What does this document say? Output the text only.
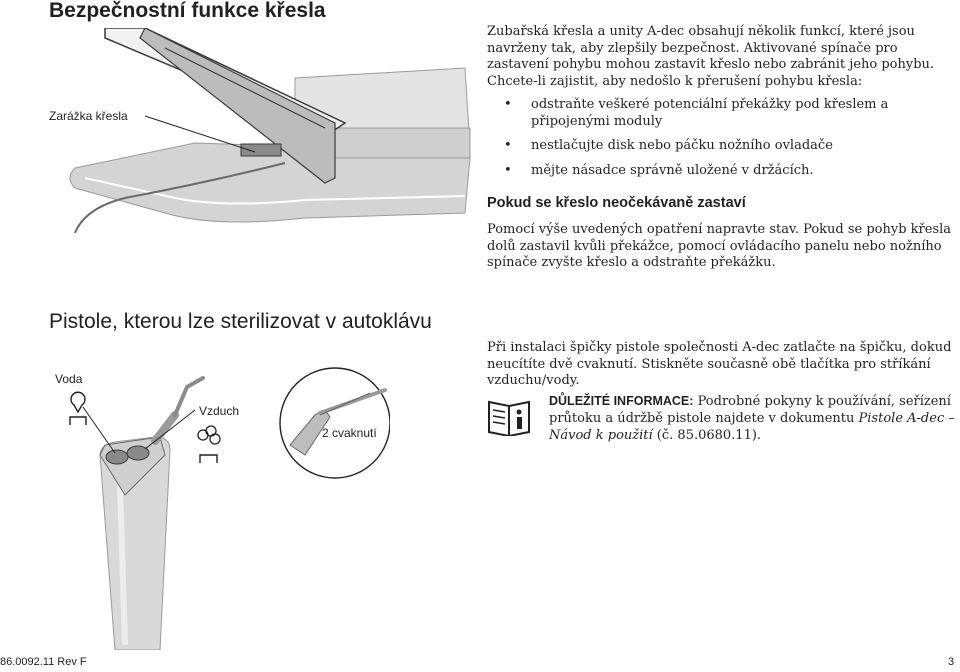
Bezpečnostní funkce křesla
Zarážka křesla
Zubařská křesla a unity A-dec obsahují několik funkcí, které jsou navrženy tak, aby zlepšily bezpečnost. Aktivované spínače pro zastavení pohybu mohou zastavit křeslo nebo zabránit jeho pohybu. Chcete-li zajistit, aby nedošlo k přerušení pohybu křesla:
• odstraňte veškeré potenciální překážky pod křeslem a připojenými moduly
• nestlačujte disk nebo páčku nožního ovladače
• mějte násadce správně uložené v držácích.
Pokud se křeslo neočekávaně zastaví
Pomocí výše uvedených opatření napravte stav. Pokud se pohyb křesla dolů zastavil kvůli překážce, pomocí ovládacího panelu nebo nožního spínače zvyšte křeslo a odstraňte překážku.
Pistole, kterou lze sterilizovat v autoklávu
Voda
Vzduch
2 cvaknutí
Při instalaci špičky pistole společnosti A-dec zatlačte na špičku, dokud neucítíte dvě cvaknutí. Stiskněte současně obě tlačítka pro stříkání vzduchu/vody.
DŮLEŽITÉ INFORMACE: Podrobné pokyny k používání, seřízení průtoku a údržbě pistole najdete v dokumentu Pistole A-dec – Návod k použití (č. 85.0680.11).
86.0092.11 Rev F	3
